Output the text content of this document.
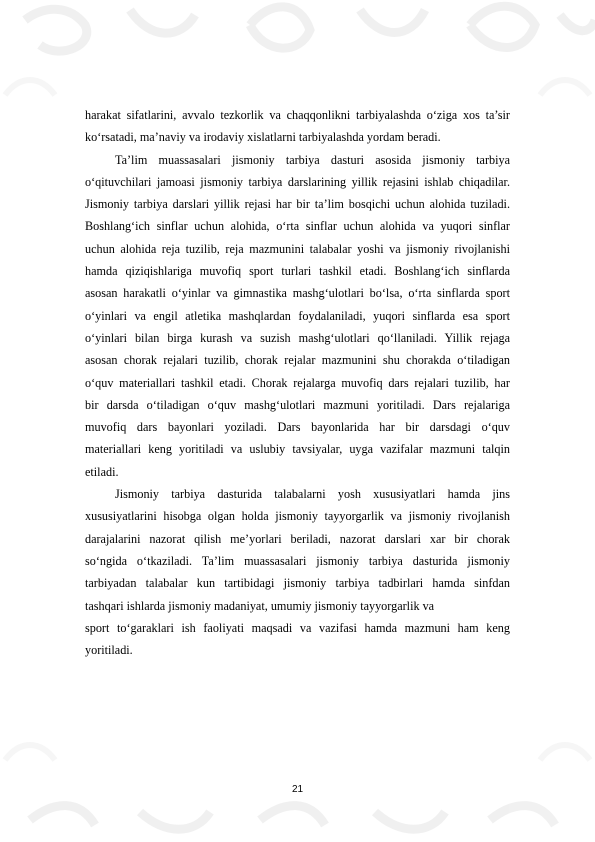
harakat sifatlarini, avvalo tezkorlik va chaqqonlikni tarbiyalashda o‘ziga xos ta’sir
ko‘rsatadi, ma’naviy va irodaviy xislatlarni tarbiyalashda yordam beradi.
Ta’lim muassasalari jismoniy tarbiya dasturi asosida jismoniy tarbiya
o‘qituvchilari jamoasi jismoniy tarbiya darslarining yillik rejasini ishlab chiqadilar.
Jismoniy tarbiya darslari yillik rejasi har bir ta’lim bosqichi uchun alohida tuziladi.
Boshlang‘ich sinflar uchun alohida, o‘rta sinflar uchun alohida va yuqori sinflar
uchun alohida reja tuzilib, reja mazmunini talabalar yoshi va jismoniy rivojlanishi
hamda qiziqishlariga muvofiq sport turlari tashkil etadi. Boshlang‘ich sinflarda
asosan harakatli o‘yinlar va gimnastika mashg‘ulotlari bo‘lsa, o‘rta sinflarda sport
o‘yinlari va engil atletika mashqlardan foydalaniladi, yuqori sinflarda esa sport
o‘yinlari bilan birga kurash va suzish mashg‘ulotlari qo‘llaniladi. Yillik rejaga
asosan chorak rejalari tuzilib, chorak rejalar mazmunini shu chorakda o‘tiladigan
o‘quv materiallari tashkil etadi. Chorak rejalarga muvofiq dars rejalari tuzilib, har
bir darsda o‘tiladigan o‘quv mashg‘ulotlari mazmuni yoritiladi. Dars rejalariga
muvofiq dars bayonlari yoziladi. Dars bayonlarida har bir darsdagi o‘quv
materiallari keng yoritiladi va uslubiy tavsiyalar, uyga vazifalar mazmuni talqin
etiladi.
Jismoniy tarbiya dasturida talabalarni yosh xususiyatlari hamda jins
xususiyatlarini hisobga olgan holda jismoniy tayyorgarlik va jismoniy rivojlanish
darajalarini nazorat qilish me’yorlari beriladi, nazorat darslari xar bir chorak
so‘ngida o‘tkaziladi. Ta’lim muassasalari jismoniy tarbiya dasturida jismoniy
tarbiyadan talabalar kun tartibidagi jismoniy tarbiya tadbirlari hamda sinfdan
tashqari ishlarda jismoniy madaniyat, umumiy jismoniy tayyorgarlik va
sport to‘garaklari ish faoliyati maqsadi va vazifasi hamda mazmuni ham keng
yoritiladi.
21
